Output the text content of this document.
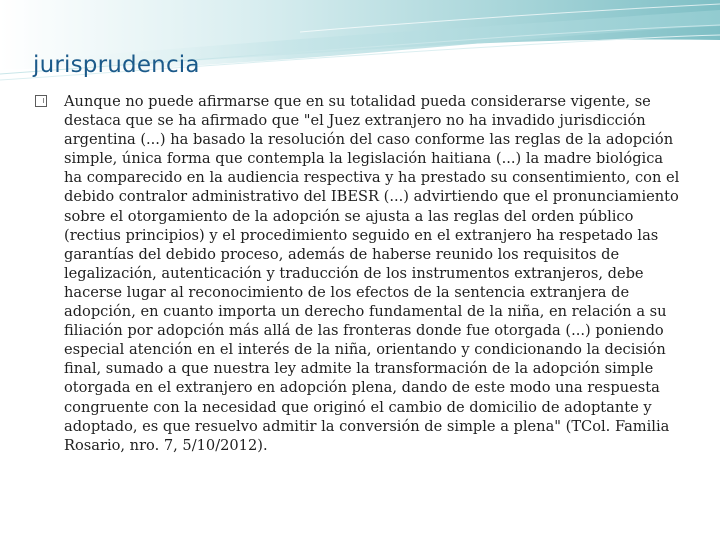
jurisprudencia
Aunque no puede afirmarse que en su totalidad pueda considerarse vigente, se destaca que se ha afirmado que "el Juez extranjero no ha invadido jurisdicción argentina (...) ha basado la resolución del caso conforme las reglas de la adopción simple, única forma que contempla la legislación haitiana (...) la madre biológica ha comparecido en la audiencia respectiva y ha prestado su consentimiento, con el debido contralor administrativo del IBESR (...) advirtiendo que el pronunciamiento sobre el otorgamiento de la adopción se ajusta a las reglas del orden público (rectius principios) y el procedimiento seguido en el extranjero ha respetado las garantías del debido proceso, además de haberse reunido los requisitos de legalización, autenticación y traducción de los instrumentos extranjeros, debe hacerse lugar al reconocimiento de los efectos de la sentencia extranjera de adopción, en cuanto importa un derecho fundamental de la niña, en relación a su filiación por adopción más allá de las fronteras donde fue otorgada (...) poniendo especial atención en el interés de la niña, orientando y condicionando la decisión final, sumado a que nuestra ley admite la transformación de la adopción simple otorgada en el extranjero en adopción plena, dando de este modo una respuesta congruente con la necesidad que originó el cambio de domicilio de adoptante y adoptado, es que resuelvo admitir la conversión de simple a plena" (TCol. Familia Rosario, nro. 7, 5/10/2012).
